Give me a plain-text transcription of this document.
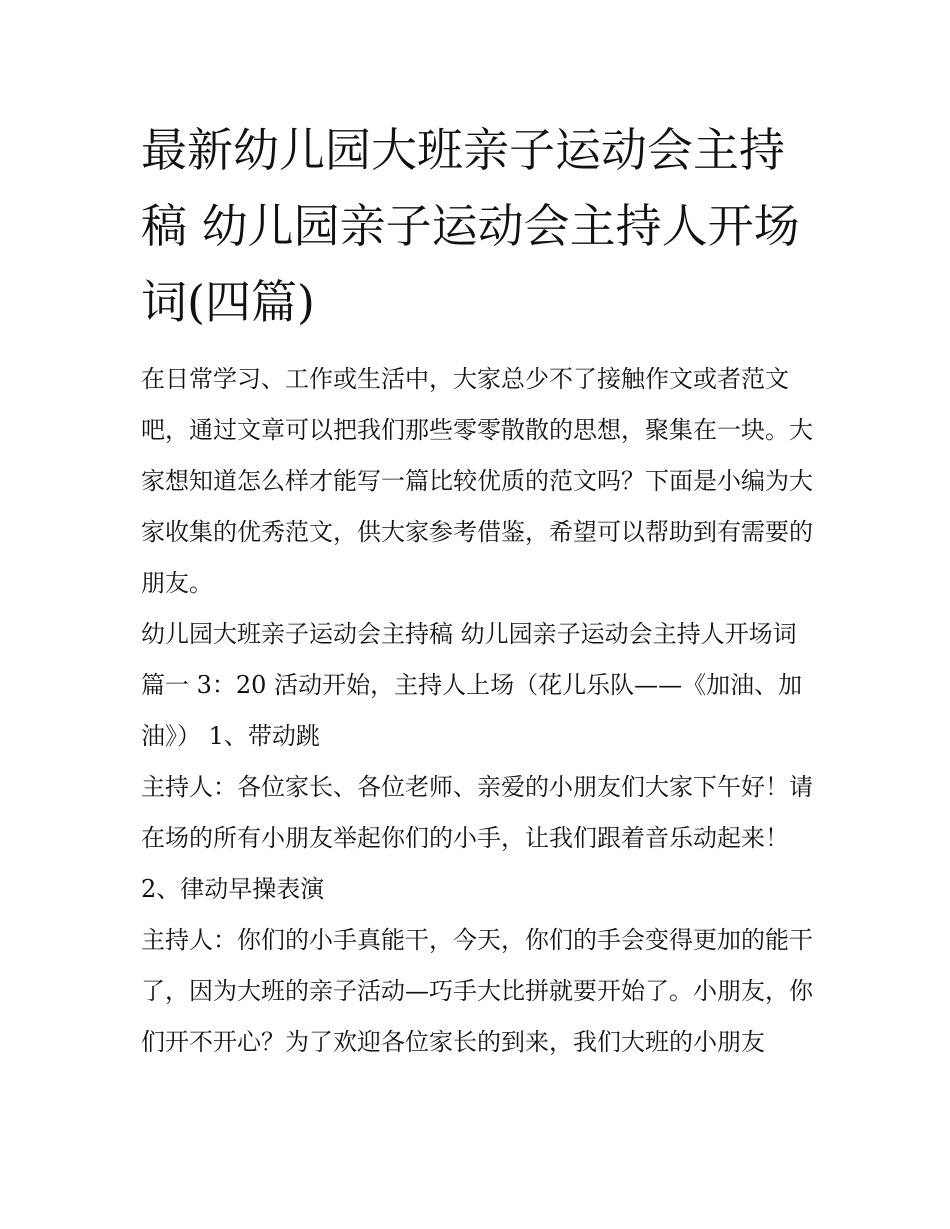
最新幼儿园大班亲子运动会主持稿 幼儿园亲子运动会主持人开场词(四篇)

在日常学习、工作或生活中，大家总少不了接触作文或者范文吧，通过文章可以把我们那些零零散散的思想，聚集在一块。大家想知道怎么样才能写一篇比较优质的范文吗？下面是小编为大家收集的优秀范文，供大家参考借鉴，希望可以帮助到有需要的朋友。

幼儿园大班亲子运动会主持稿 幼儿园亲子运动会主持人开场词篇一 3：20 活动开始，主持人上场（花儿乐队——《加油、加油》） 1、带动跳

主持人：各位家长、各位老师、亲爱的小朋友们大家下午好！请 在场的所有小朋友举起你们的小手，让我们跟着音乐动起来！ 2、律动早操表演

主持人：你们的小手真能干，今天，你们的手会变得更加的能干

了，因为大班的亲子活动—巧手大比拼就要开始了。小朋友，你们开不开心？为了欢迎各位家长的到来，我们大班的小朋友
